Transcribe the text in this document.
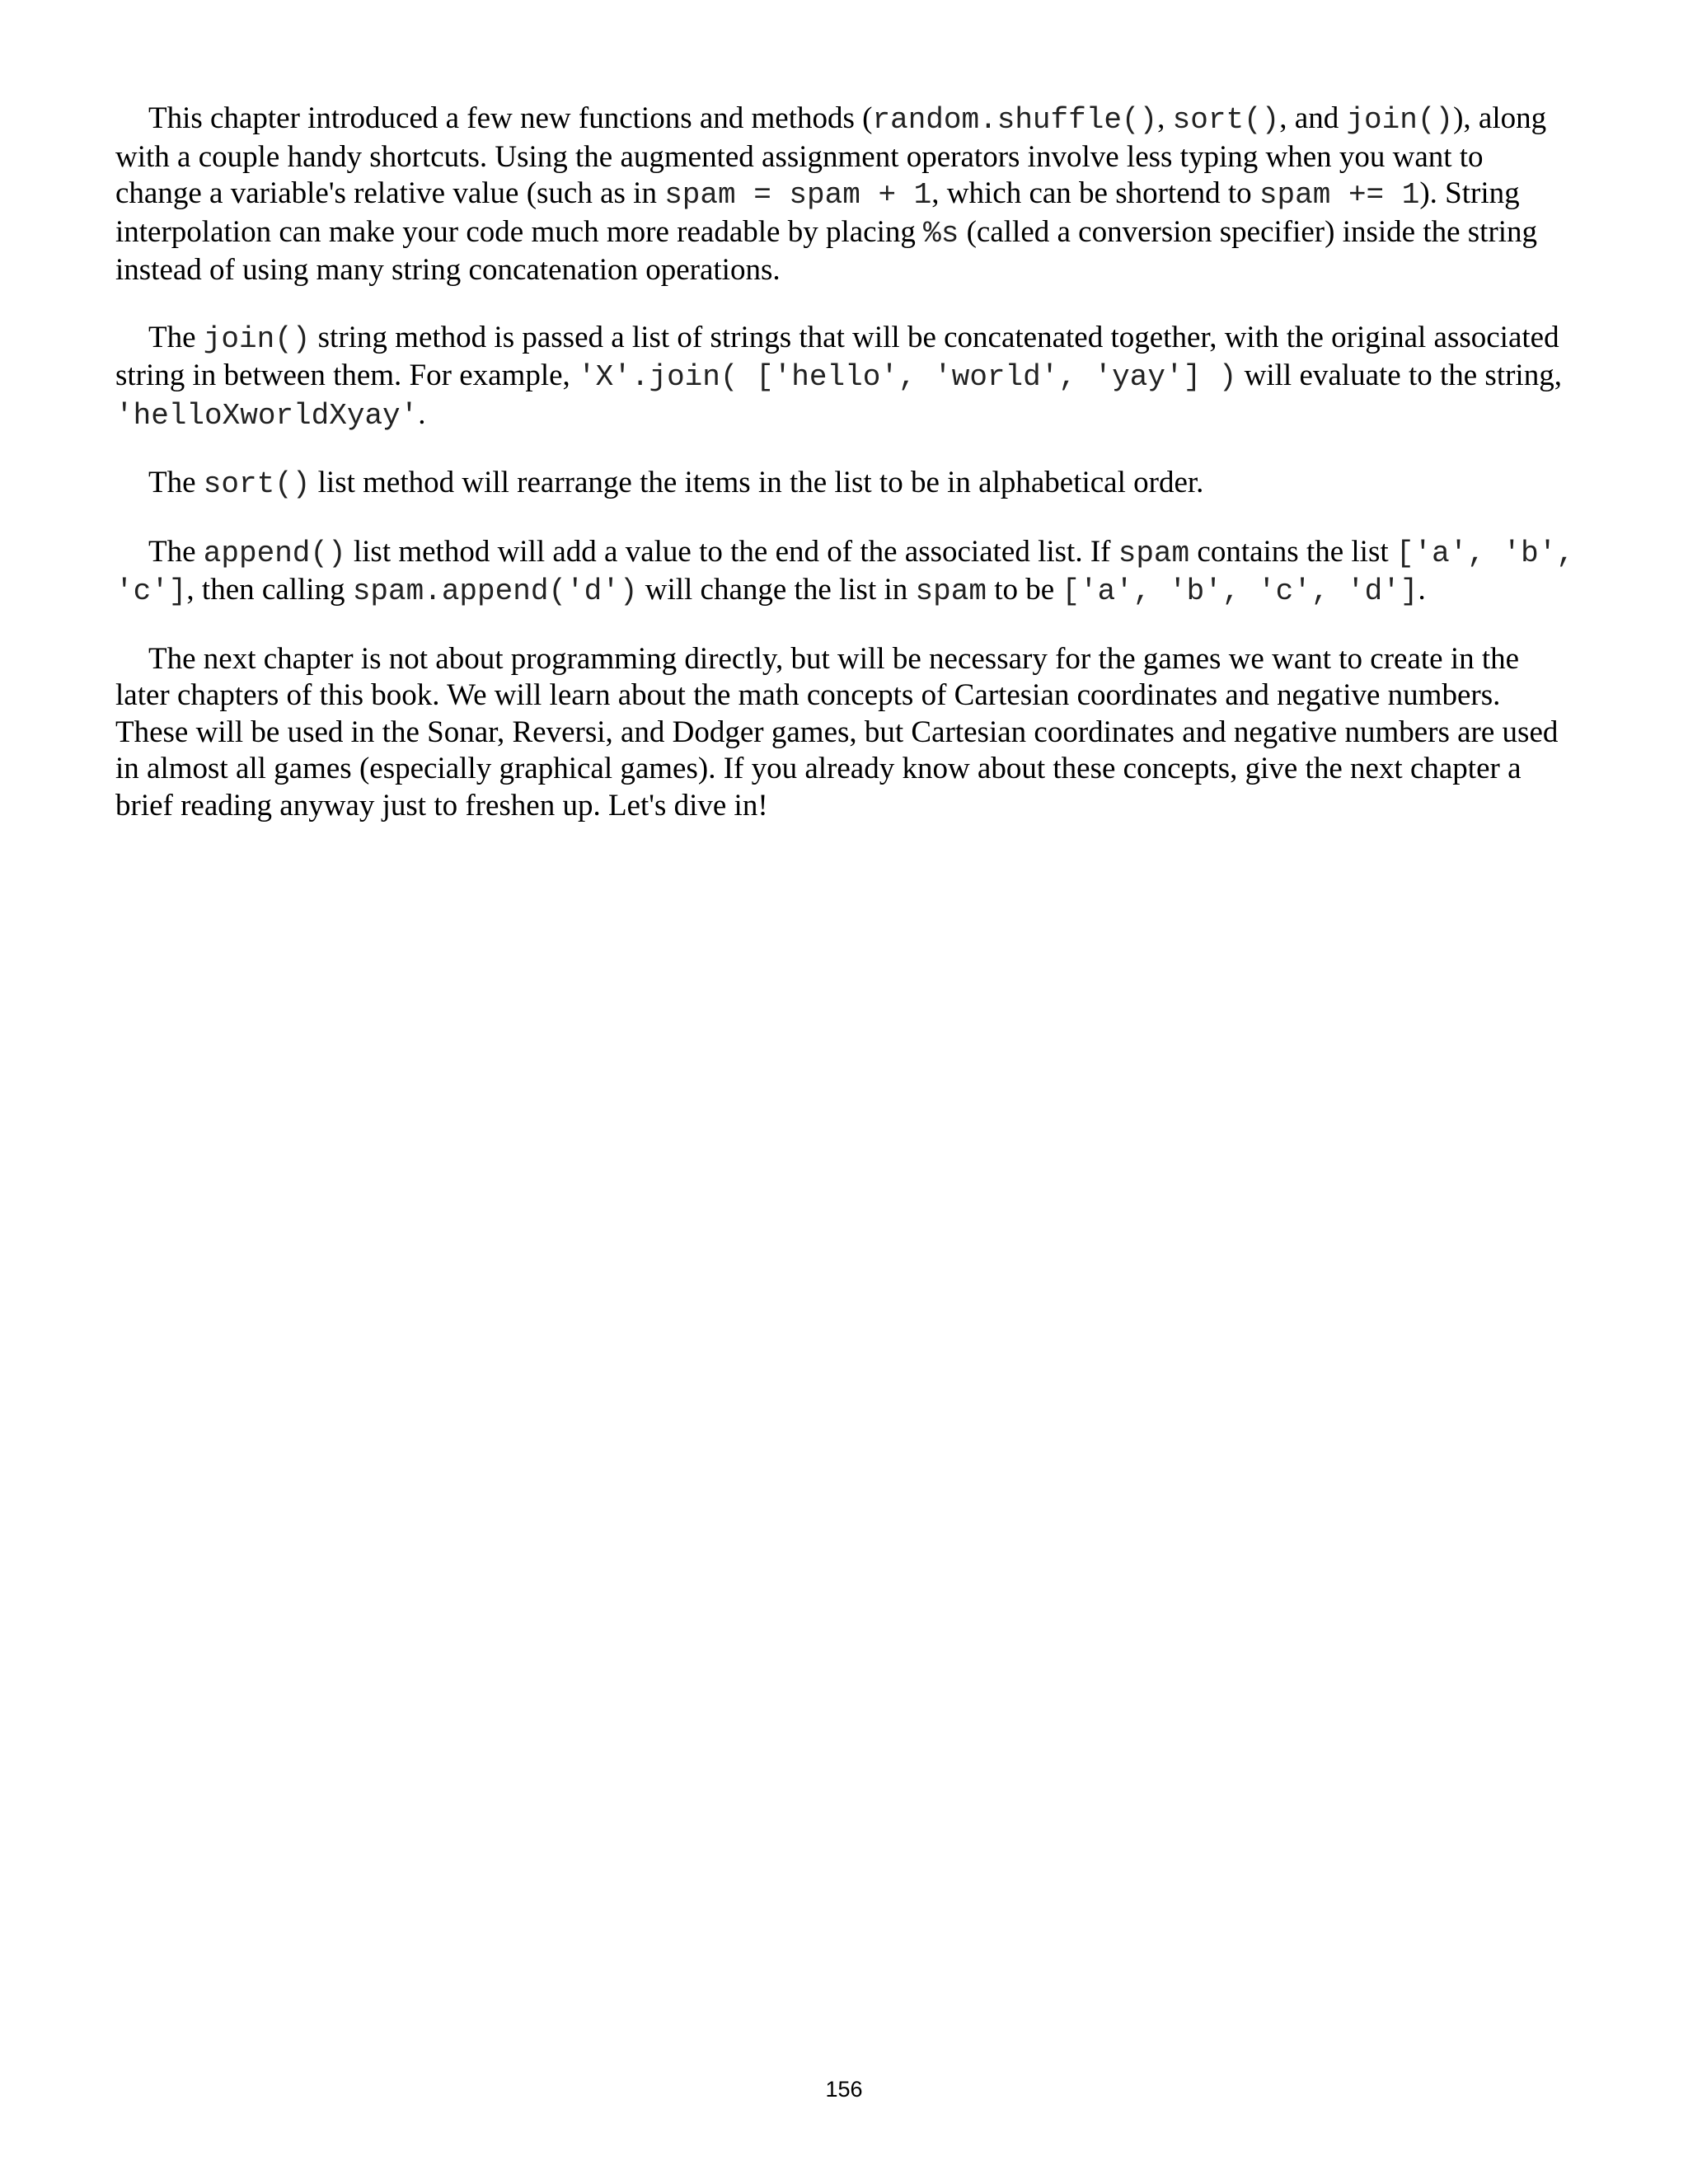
This chapter introduced a few new functions and methods (random.shuffle(), sort(), and join()), along with a couple handy shortcuts. Using the augmented assignment operators involve less typing when you want to change a variable's relative value (such as in spam = spam + 1, which can be shortend to spam += 1). String interpolation can make your code much more readable by placing %s (called a conversion specifier) inside the string instead of using many string concatenation operations.

The join() string method is passed a list of strings that will be concatenated together, with the original associated string in between them. For example, 'X'.join( ['hello', 'world', 'yay'] ) will evaluate to the string, 'helloXworldXyay'.

The sort() list method will rearrange the items in the list to be in alphabetical order.

The append() list method will add a value to the end of the associated list. If spam contains the list ['a', 'b', 'c'], then calling spam.append('d') will change the list in spam to be ['a', 'b', 'c', 'd'].

The next chapter is not about programming directly, but will be necessary for the games we want to create in the later chapters of this book. We will learn about the math concepts of Cartesian coordinates and negative numbers. These will be used in the Sonar, Reversi, and Dodger games, but Cartesian coordinates and negative numbers are used in almost all games (especially graphical games). If you already know about these concepts, give the next chapter a brief reading anyway just to freshen up. Let's dive in!

156
